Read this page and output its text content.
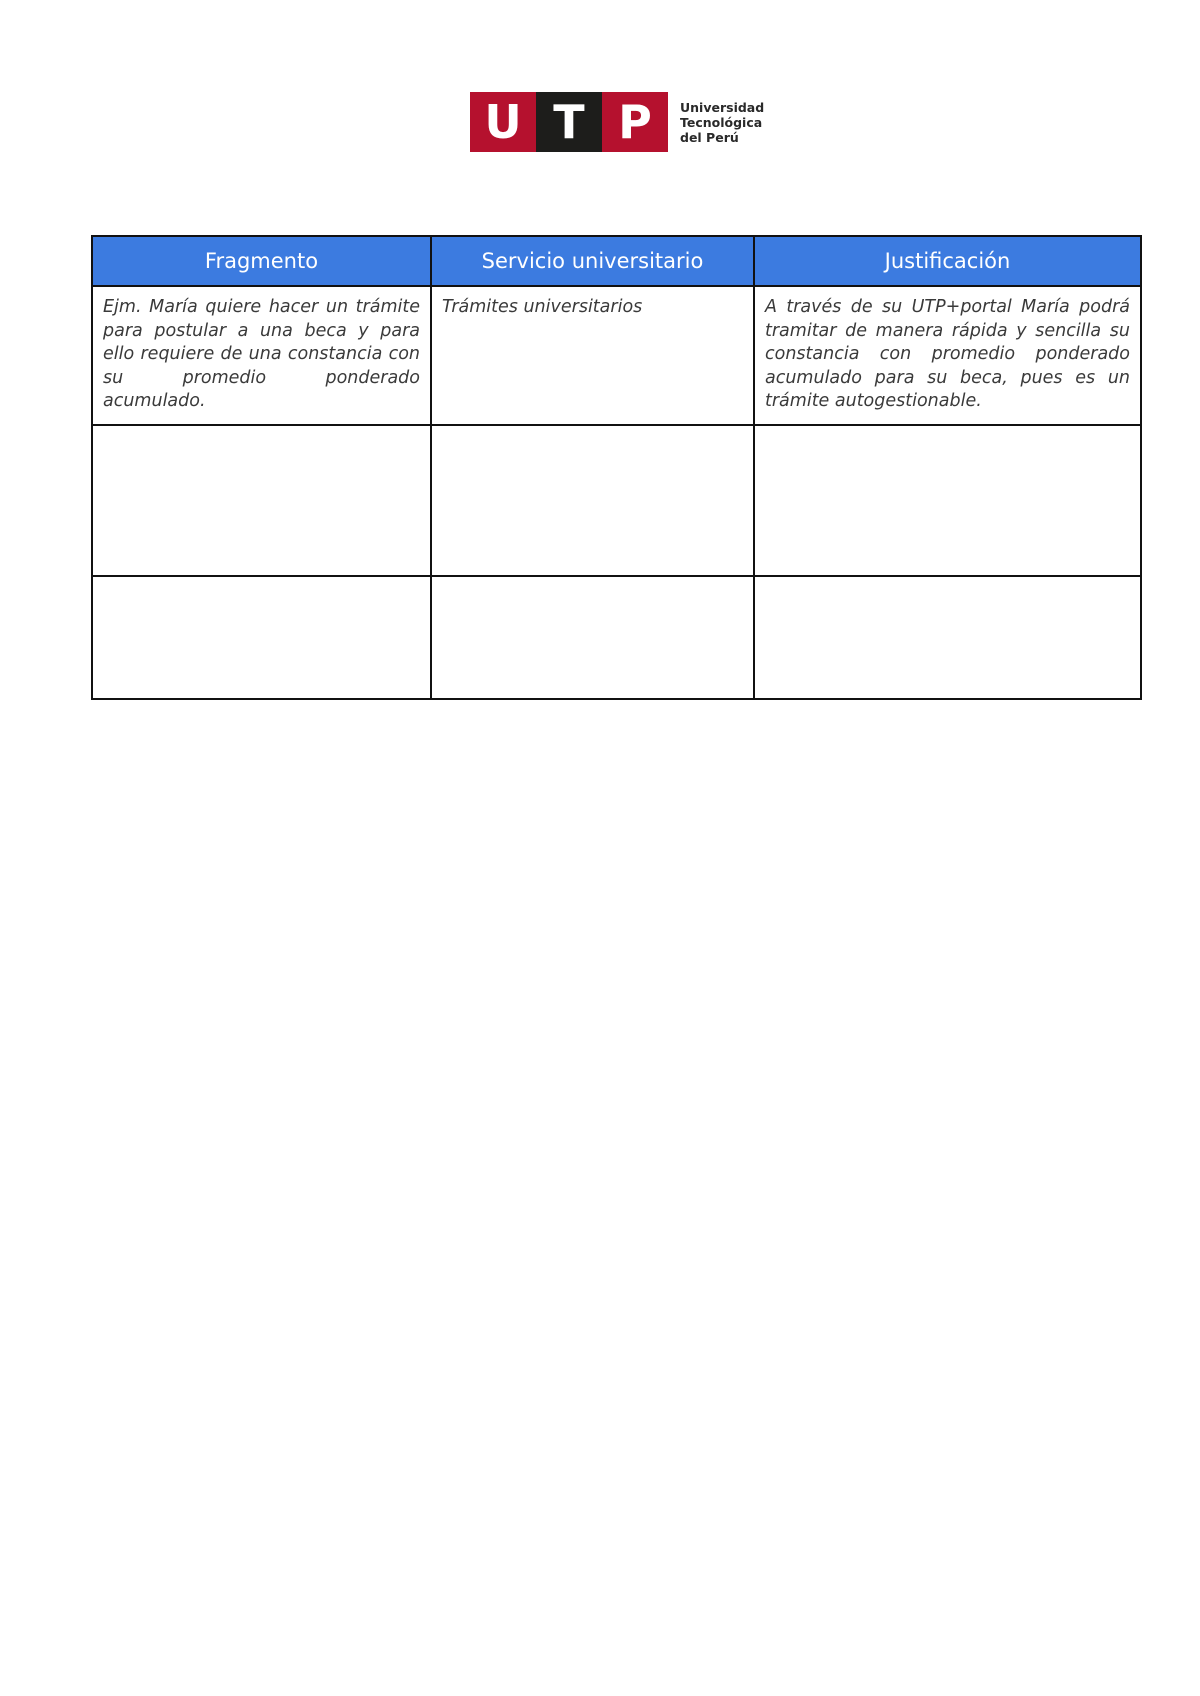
U T P	Universidad
Tecnológica
del Perú
Fragmento	Servicio universitario	Justificación
Ejm. María quiere hacer un trámite para postular a una beca y para ello requiere de una constancia con su promedio ponderado acumulado.	Trámites universitarios	A través de su UTP+portal María podrá tramitar de manera rápida y sencilla su constancia con promedio ponderado acumulado para su beca, pues es un trámite autogestionable.
